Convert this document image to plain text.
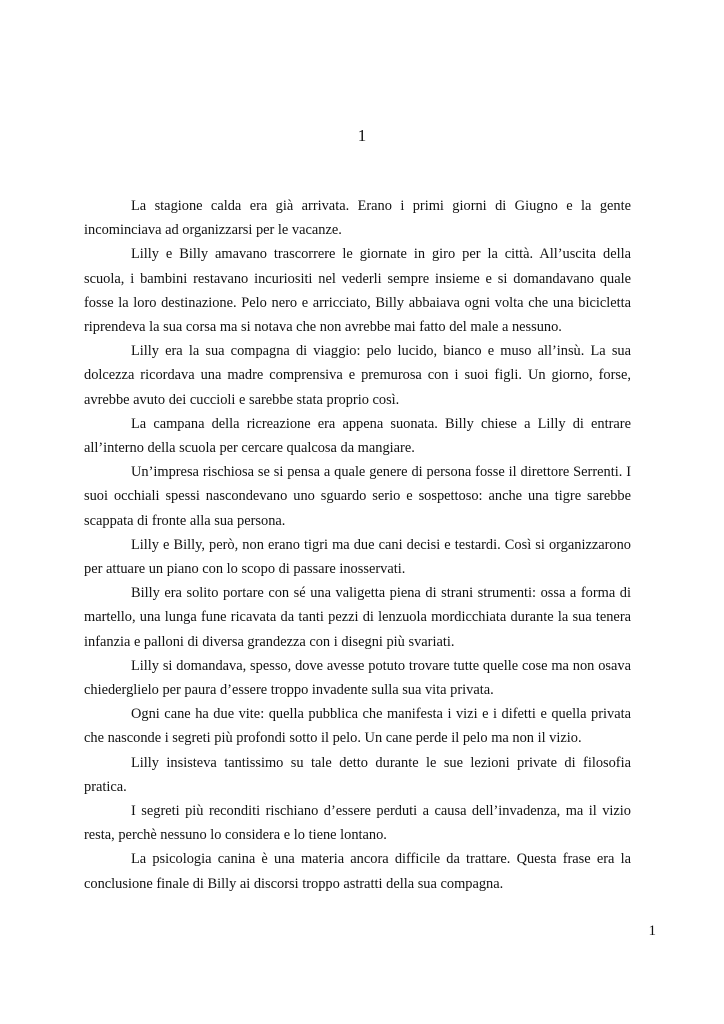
1

La stagione calda era già arrivata. Erano i primi giorni di Giugno e la gente incominciava ad organizzarsi per le vacanze.

Lilly e Billy amavano trascorrere le giornate in giro per la città. All’uscita della scuola, i bambini restavano incuriositi nel vederli sempre insieme e si domandavano quale fosse la loro destinazione. Pelo nero e arricciato, Billy abbaiava ogni volta che una bicicletta riprendeva la sua corsa ma si notava che non avrebbe mai fatto del male a nessuno.

Lilly era la sua compagna di viaggio: pelo lucido, bianco e muso all’insù. La sua dolcezza ricordava una madre comprensiva e premurosa con i suoi figli. Un giorno, forse, avrebbe avuto dei cuccioli e sarebbe stata proprio così.

La campana della ricreazione era appena suonata. Billy chiese a Lilly di entrare all’interno della scuola per cercare qualcosa da mangiare.

Un’impresa rischiosa se si pensa a quale genere di persona fosse il direttore Serrenti. I suoi occhiali spessi nascondevano uno sguardo serio e sospettoso: anche una tigre sarebbe scappata di fronte alla sua persona.

Lilly e Billy, però, non erano tigri ma due cani decisi e testardi. Così si organizzarono per attuare un piano con lo scopo di passare inosservati.

Billy era solito portare con sé una valigetta piena di strani strumenti: ossa a forma di martello, una lunga fune ricavata da tanti pezzi di lenzuola mordicchiata durante la sua tenera infanzia e palloni di diversa grandezza con i disegni più svariati.

Lilly si domandava, spesso, dove avesse potuto trovare tutte quelle cose ma non osava chiederglielo per paura d’essere troppo invadente sulla sua vita privata.

Ogni cane ha due vite: quella pubblica che manifesta i vizi e i difetti e quella privata che nasconde i segreti più profondi sotto il pelo. Un cane perde il pelo ma non il vizio.

Lilly insisteva tantissimo su tale detto durante le sue lezioni private di filosofia pratica.

I segreti più reconditi rischiano d’essere perduti a causa dell’invadenza, ma il vizio resta, perchè nessuno lo considera e lo tiene lontano.

La psicologia canina è una materia ancora difficile da trattare. Questa frase era la conclusione finale di Billy ai discorsi troppo astratti della sua compagna.

1
